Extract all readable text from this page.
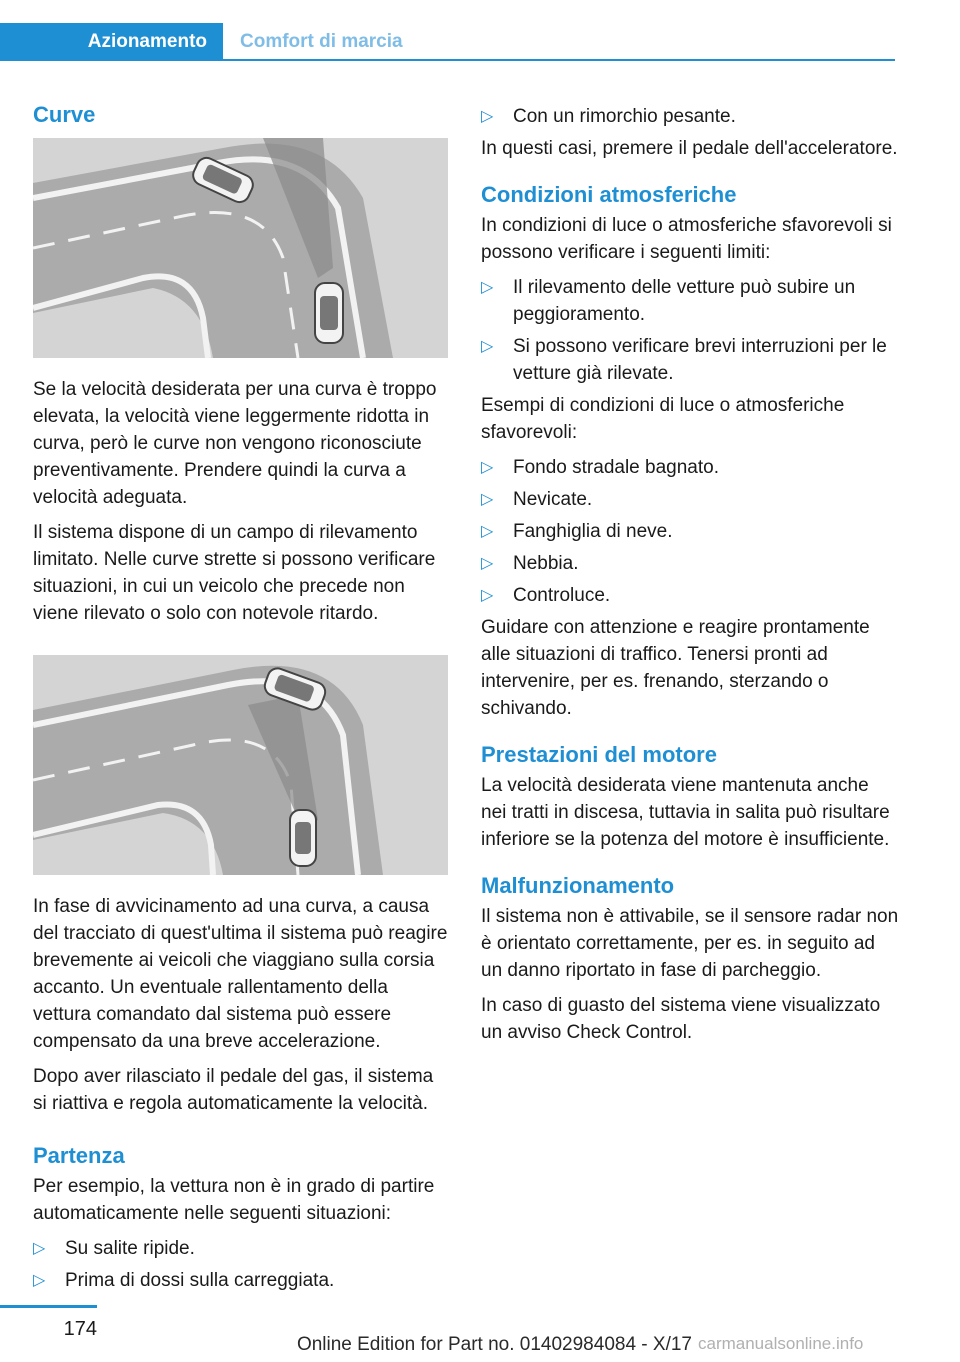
Azionamento	Comfort di marcia
Curve

Se la velocità desiderata per una curva è troppo elevata, la velocità viene leggermente ridotta in curva, però le curve non vengono riconosciute preventivamente. Prendere quindi la curva a velocità adeguata.

Il sistema dispone di un campo di rilevamento limitato. Nelle curve strette si possono verificare situazioni, in cui un veicolo che precede non viene rilevato o solo con notevole ritardo.

In fase di avvicinamento ad una curva, a causa del tracciato di quest'ultima il sistema può reagire brevemente ai veicoli che viaggiano sulla corsia accanto. Un eventuale rallentamento della vettura comandato dal sistema può essere compensato da una breve accelerazione.

Dopo aver rilasciato il pedale del gas, il sistema si riattiva e regola automaticamente la velocità.

Partenza

Per esempio, la vettura non è in grado di partire automaticamente nelle seguenti situazioni:

▷ Su salite ripide.
▷ Prima di dossi sulla carreggiata.
▷ Con un rimorchio pesante.

In questi casi, premere il pedale dell'acceleratore.

Condizioni atmosferiche

In condizioni di luce o atmosferiche sfavorevoli si possono verificare i seguenti limiti:

▷ Il rilevamento delle vetture può subire un peggioramento.
▷ Si possono verificare brevi interruzioni per le vetture già rilevate.

Esempi di condizioni di luce o atmosferiche sfavorevoli:

▷ Fondo stradale bagnato.
▷ Nevicate.
▷ Fanghiglia di neve.
▷ Nebbia.
▷ Controluce.

Guidare con attenzione e reagire prontamente alle situazioni di traffico. Tenersi pronti ad intervenire, per es. frenando, sterzando o schivando.

Prestazioni del motore

La velocità desiderata viene mantenuta anche nei tratti in discesa, tuttavia in salita può risultare inferiore se la potenza del motore è insufficiente.

Malfunzionamento

Il sistema non è attivabile, se il sensore radar non è orientato correttamente, per es. in seguito ad un danno riportato in fase di parcheggio.

In caso di guasto del sistema viene visualizzato un avviso Check Control.

174
Online Edition for Part no. 01402984084 - X/17 carmanualsonline.info
